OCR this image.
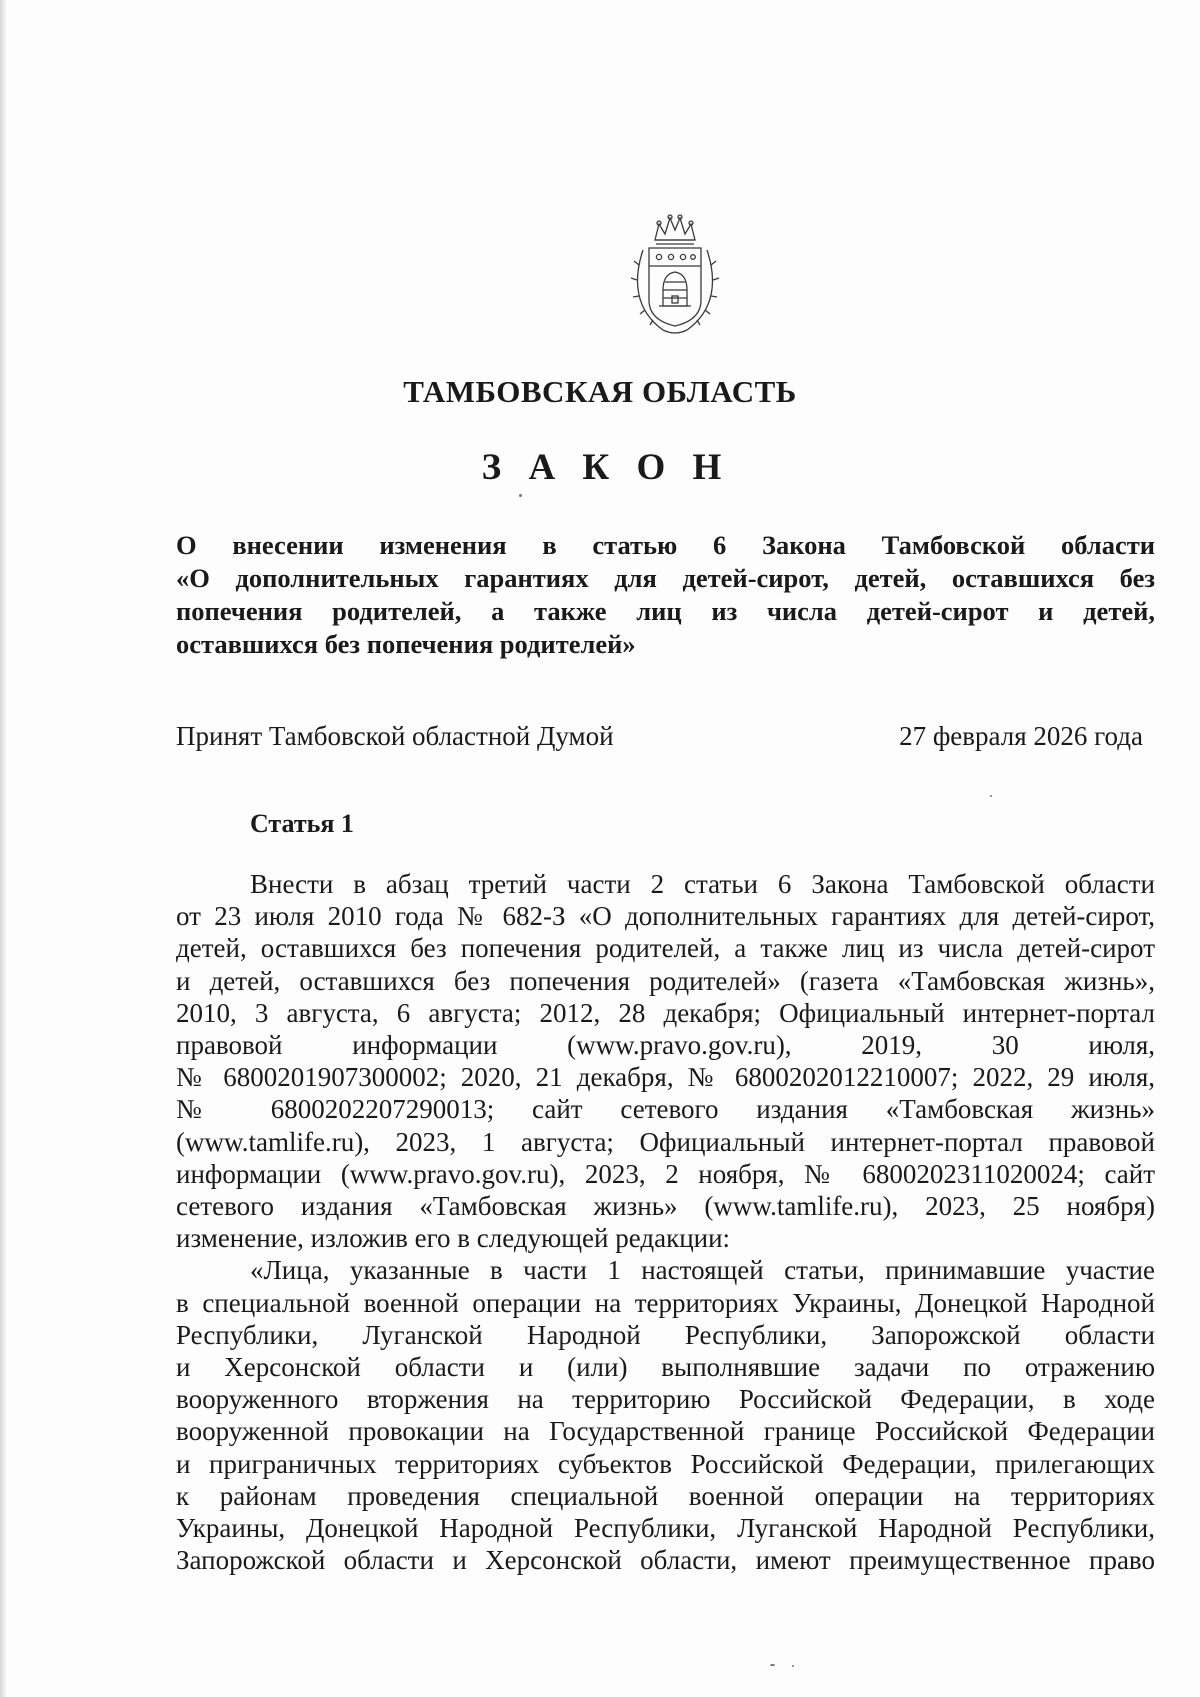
ТАМБОВСКАЯ ОБЛАСТЬ
З А К О Н
О внесении изменения в статью 6 Закона Тамбовской области
«О дополнительных гарантиях для детей-сирот, детей, оставшихся без
попечения родителей, а также лиц из числа детей-сирот и детей,
оставшихся без попечения родителей»
Принят Тамбовской областной Думой	27 февраля 2026 года
Статья 1
Внести в абзац третий части 2 статьи 6 Закона Тамбовской области
от 23 июля 2010 года № 682-З «О дополнительных гарантиях для детей-сирот,
детей, оставшихся без попечения родителей, а также лиц из числа детей-сирот
и детей, оставшихся без попечения родителей» (газета «Тамбовская жизнь»,
2010, 3 августа, 6 августа; 2012, 28 декабря; Официальный интернет-портал
правовой информации (www.pravo.gov.ru), 2019, 30 июля,
№ 6800201907300002; 2020, 21 декабря, № 6800202012210007; 2022, 29 июля,
№ 6800202207290013; сайт сетевого издания «Тамбовская жизнь»
(www.tamlife.ru), 2023, 1 августа; Официальный интернет-портал правовой
информации (www.pravo.gov.ru), 2023, 2 ноября, № 6800202311020024; сайт
сетевого издания «Тамбовская жизнь» (www.tamlife.ru), 2023, 25 ноября)
изменение, изложив его в следующей редакции:
«Лица, указанные в части 1 настоящей статьи, принимавшие участие
в специальной военной операции на территориях Украины, Донецкой Народной
Республики, Луганской Народной Республики, Запорожской области
и Херсонской области и (или) выполнявшие задачи по отражению
вооруженного вторжения на территорию Российской Федерации, в ходе
вооруженной провокации на Государственной границе Российской Федерации
и приграничных территориях субъектов Российской Федерации, прилегающих
к районам проведения специальной военной операции на территориях
Украины, Донецкой Народной Республики, Луганской Народной Республики,
Запорожской области и Херсонской области, имеют преимущественное право
